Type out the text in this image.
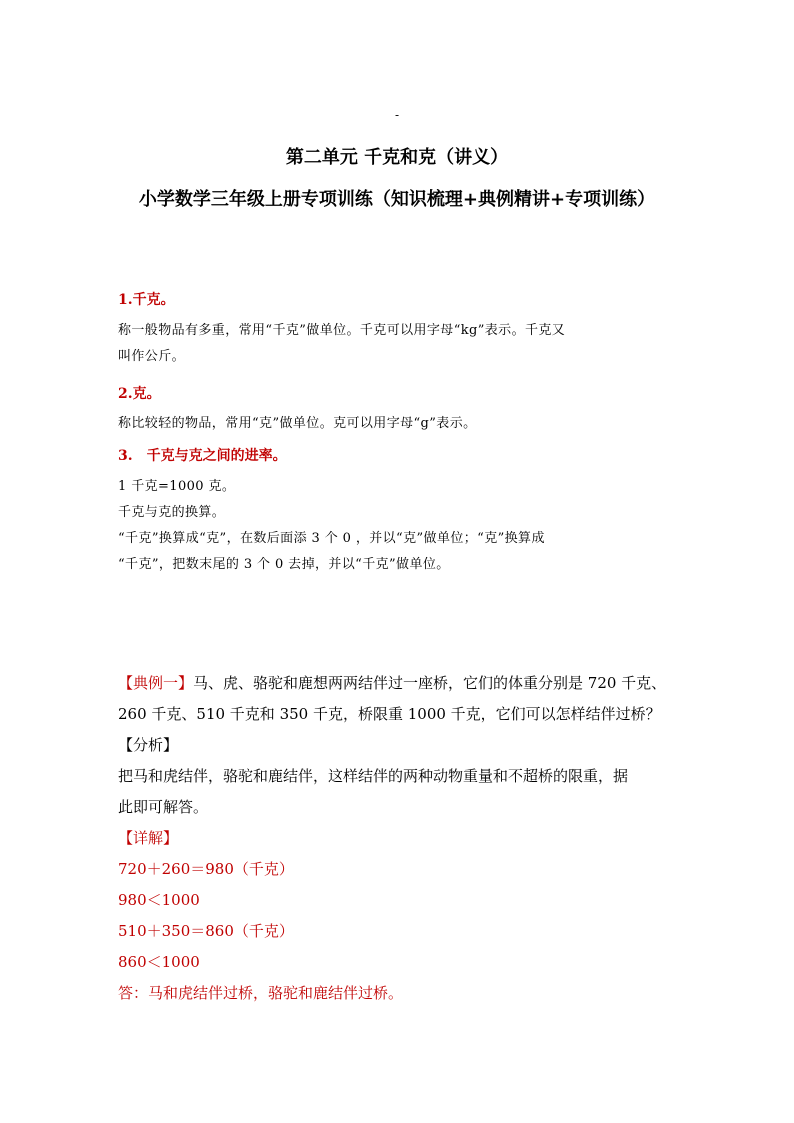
-
第二单元 千克和克（讲义）
小学数学三年级上册专项训练（知识梳理+典例精讲+专项训练）
1.千克。
称一般物品有多重，常用“千克”做单位。千克可以用字母“kg”表示。千克又
叫作公斤。
2.克。
称比较轻的物品，常用“克”做单位。克可以用字母“g”表示。
3.　千克与克之间的进率。
1 千克=1000 克。
千克与克的换算。
“千克”换算成“克”，在数后面添 3 个 0 ，并以“克”做单位；“克”换算成
“千克”，把数末尾的 3 个 0 去掉，并以“千克”做单位。
【典例一】马、虎、骆驼和鹿想两两结伴过一座桥，它们的体重分别是 720 千克、
260 千克、510 千克和 350 千克，桥限重 1000 千克，它们可以怎样结伴过桥？
【分析】
把马和虎结伴，骆驼和鹿结伴，这样结伴的两种动物重量和不超桥的限重，据
此即可解答。
【详解】
720＋260＝980（千克）
980＜1000
510＋350＝860（千克）
860＜1000
答：马和虎结伴过桥，骆驼和鹿结伴过桥。
